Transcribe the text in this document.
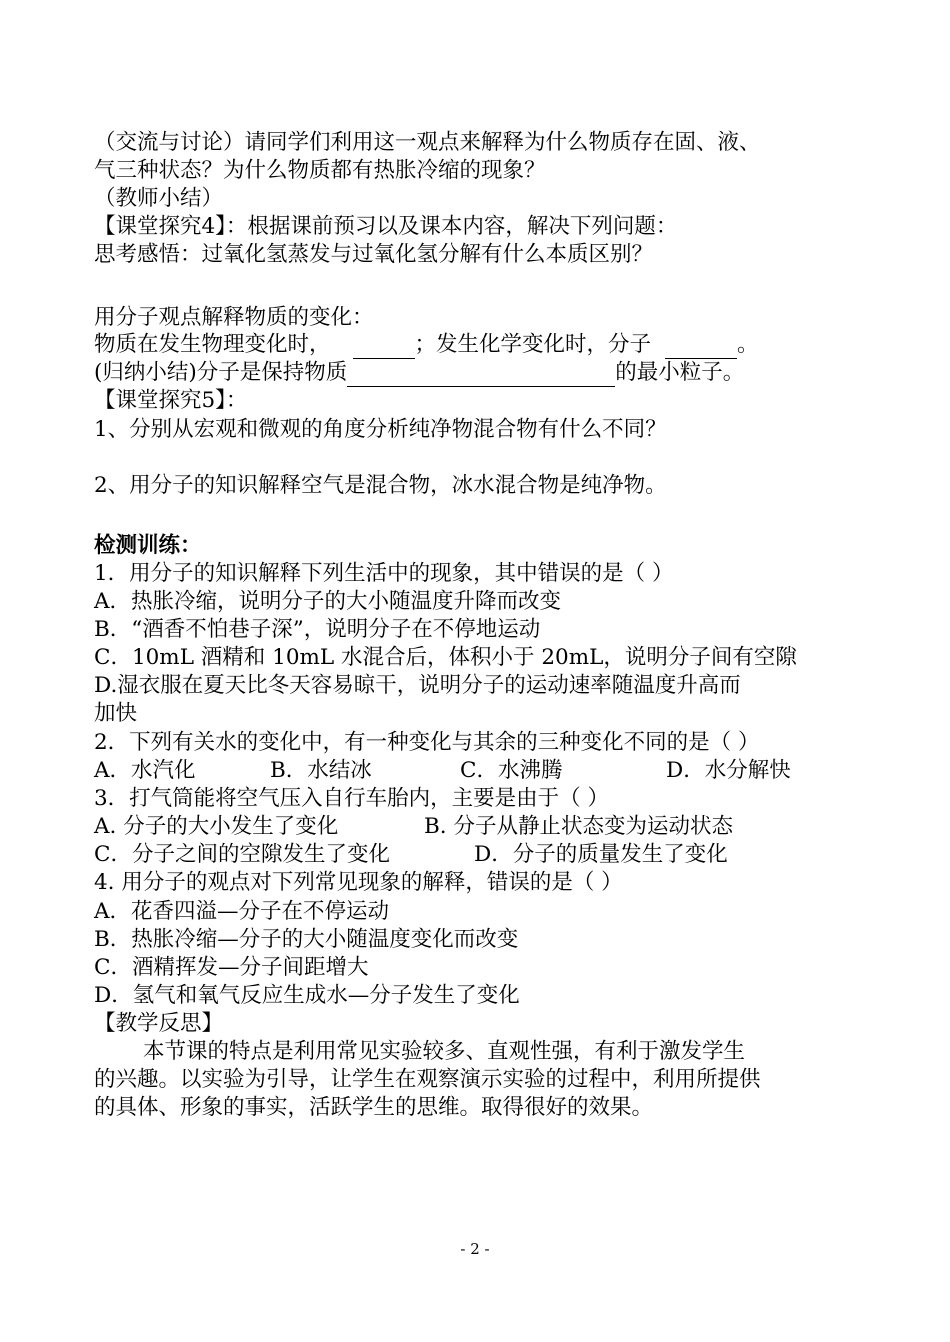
（交流与讨论）请同学们利用这一观点来解释为什么物质存在固、液、
气三种状态？为什么物质都有热胀冷缩的现象？
（教师小结）
【课堂探究4】：根据课前预习以及课本内容，解决下列问题：
思考感悟：过氧化氢蒸发与过氧化氢分解有什么本质区别？
用分子观点解释物质的变化：
物质在发生物理变化时，	；发生化学变化时，分子	。
(归纳小结)分子是保持物质	的最小粒子。
【课堂探究5】：
1、分别从宏观和微观的角度分析纯净物混合物有什么不同？
2、用分子的知识解释空气是混合物，冰水混合物是纯净物。
检测训练：
1．用分子的知识解释下列生活中的现象，其中错误的是（ ）
A．热胀冷缩，说明分子的大小随温度升降而改变
B．“酒香不怕巷子深”，说明分子在不停地运动
C．10mL 酒精和 10mL 水混合后，体积小于 20mL，说明分子间有空隙
D.湿衣服在夏天比冬天容易晾干，说明分子的运动速率随温度升高而
加快
2．下列有关水的变化中，有一种变化与其余的三种变化不同的是（ ）
A．水汽化	B．水结冰	C．水沸腾	D．水分解快
3．打气筒能将空气压入自行车胎内，主要是由于（ ）
A. 分子的大小发生了变化	B. 分子从静止状态变为运动状态
C．分子之间的空隙发生了变化	D．分子的质量发生了变化
4. 用分子的观点对下列常见现象的解释，错误的是（ ）
A．花香四溢—分子在不停运动
B．热胀冷缩—分子的大小随温度变化而改变
C．酒精挥发—分子间距增大
D．氢气和氧气反应生成水—分子发生了变化
【教学反思】
本节课的特点是利用常见实验较多、直观性强，有利于激发学生
的兴趣。以实验为引导，让学生在观察演示实验的过程中，利用所提供
的具体、形象的事实，活跃学生的思维。取得很好的效果。
- 2 -
